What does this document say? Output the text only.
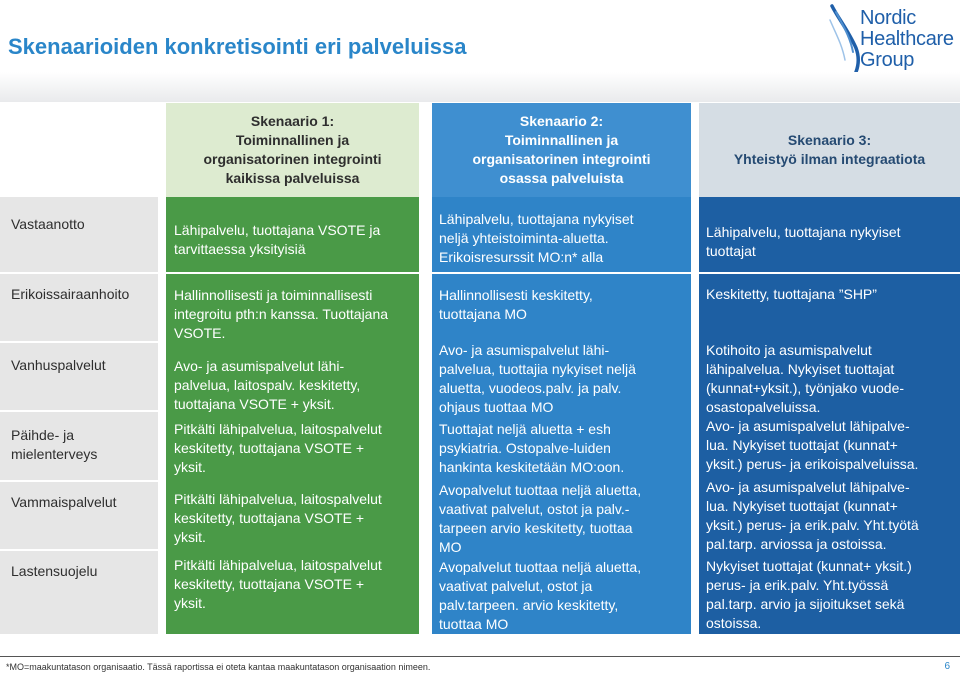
Skenaarioiden konkretisointi eri palveluissa
Nordic
Healthcare
Group
Skenaario 1:
Toiminnallinen ja
organisatorinen integrointi
kaikissa palveluissa
Skenaario 2:
Toiminnallinen ja
organisatorinen integrointi
osassa palveluista
Skenaario 3:
Yhteistyö ilman integraatiota
Vastaanotto
Erikoissairaanhoito
Vanhuspalvelut
Päihde- ja
mielenterveys
Vammaispalvelut
Lastensuojelu
Lähipalvelu, tuottajana VSOTE ja
tarvittaessa yksityisiä
Hallinnollisesti ja toiminnallisesti
integroitu pth:n kanssa. Tuottajana
VSOTE.
Avo- ja asumispalvelut lähi-
palvelua, laitospalv. keskitetty,
tuottajana VSOTE + yksit.
Pitkälti lähipalvelua, laitospalvelut
keskitetty, tuottajana VSOTE +
yksit.
Pitkälti lähipalvelua, laitospalvelut
keskitetty, tuottajana VSOTE +
yksit.
Pitkälti lähipalvelua, laitospalvelut
keskitetty, tuottajana VSOTE +
yksit.
Lähipalvelu, tuottajana nykyiset
neljä yhteistoiminta-aluetta.
Erikoisresurssit MO:n* alla
Hallinnollisesti keskitetty,
tuottajana MO
Avo- ja asumispalvelut lähi-
palvelua, tuottajia nykyiset neljä
aluetta, vuodeos.palv. ja palv.
ohjaus tuottaa MO
Tuottajat neljä aluetta + esh
psykiatria. Ostopalve-luiden
hankinta keskitetään MO:oon.
Avopalvelut tuottaa neljä aluetta,
vaativat palvelut, ostot ja palv.-
tarpeen arvio keskitetty, tuottaa
MO
Avopalvelut tuottaa neljä aluetta,
vaativat palvelut, ostot ja
palv.tarpeen. arvio keskitetty,
tuottaa MO
Lähipalvelu, tuottajana nykyiset
tuottajat
Keskitetty, tuottajana ”SHP”
Kotihoito ja asumispalvelut
lähipalvelua. Nykyiset tuottajat
(kunnat+yksit.), työnjako vuode-
osastopalveluissa.
Avo- ja asumispalvelut lähipalve-
lua. Nykyiset tuottajat (kunnat+
yksit.) perus- ja erikoispalveluissa.
Avo- ja asumispalvelut lähipalve-
lua. Nykyiset tuottajat (kunnat+
yksit.) perus- ja erik.palv. Yht.työtä
pal.tarp. arviossa ja ostoissa.
Nykyiset tuottajat (kunnat+ yksit.)
perus- ja erik.palv. Yht.työssä
pal.tarp. arvio ja sijoitukset sekä
ostoissa.
*MO=maakuntatason organisaatio. Tässä raportissa ei oteta kantaa maakuntatason organisaation nimeen.	6
